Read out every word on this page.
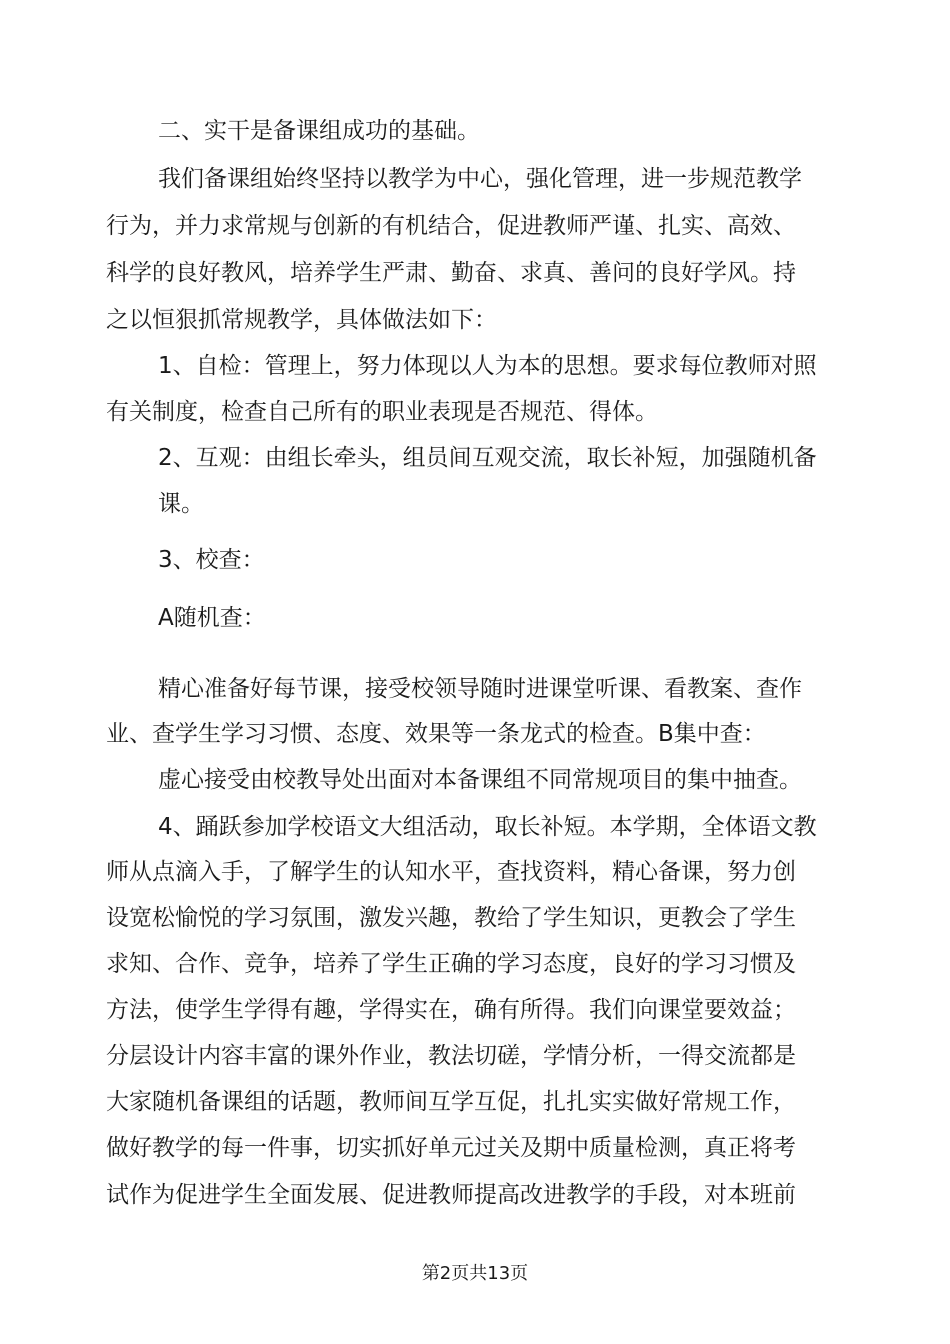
二、实干是备课组成功的基础。
我们备课组始终坚持以教学为中心，强化管理，进一步规范教学
行为，并力求常规与创新的有机结合，促进教师严谨、扎实、高效、
科学的良好教风，培养学生严肃、勤奋、求真、善问的良好学风。持
之以恒狠抓常规教学，具体做法如下：
1、自检：管理上，努力体现以人为本的思想。要求每位教师对照
有关制度，检查自己所有的职业表现是否规范、得体。
2、互观：由组长牵头，组员间互观交流，取长补短，加强随机备
课。
3、校查：
A随机查：
精心准备好每节课，接受校领导随时进课堂听课、看教案、查作
业、查学生学习习惯、态度、效果等一条龙式的检查。B集中查：
虚心接受由校教导处出面对本备课组不同常规项目的集中抽查。
4、踊跃参加学校语文大组活动，取长补短。本学期，全体语文教
师从点滴入手，了解学生的认知水平，查找资料，精心备课，努力创
设宽松愉悦的学习氛围，激发兴趣，教给了学生知识，更教会了学生
求知、合作、竞争，培养了学生正确的学习态度，良好的学习习惯及
方法，使学生学得有趣，学得实在，确有所得。我们向课堂要效益；
分层设计内容丰富的课外作业，教法切磋，学情分析，一得交流都是
大家随机备课组的话题，教师间互学互促，扎扎实实做好常规工作，
做好教学的每一件事，切实抓好单元过关及期中质量检测，真正将考
试作为促进学生全面发展、促进教师提高改进教学的手段，对本班前
第2页共13页
